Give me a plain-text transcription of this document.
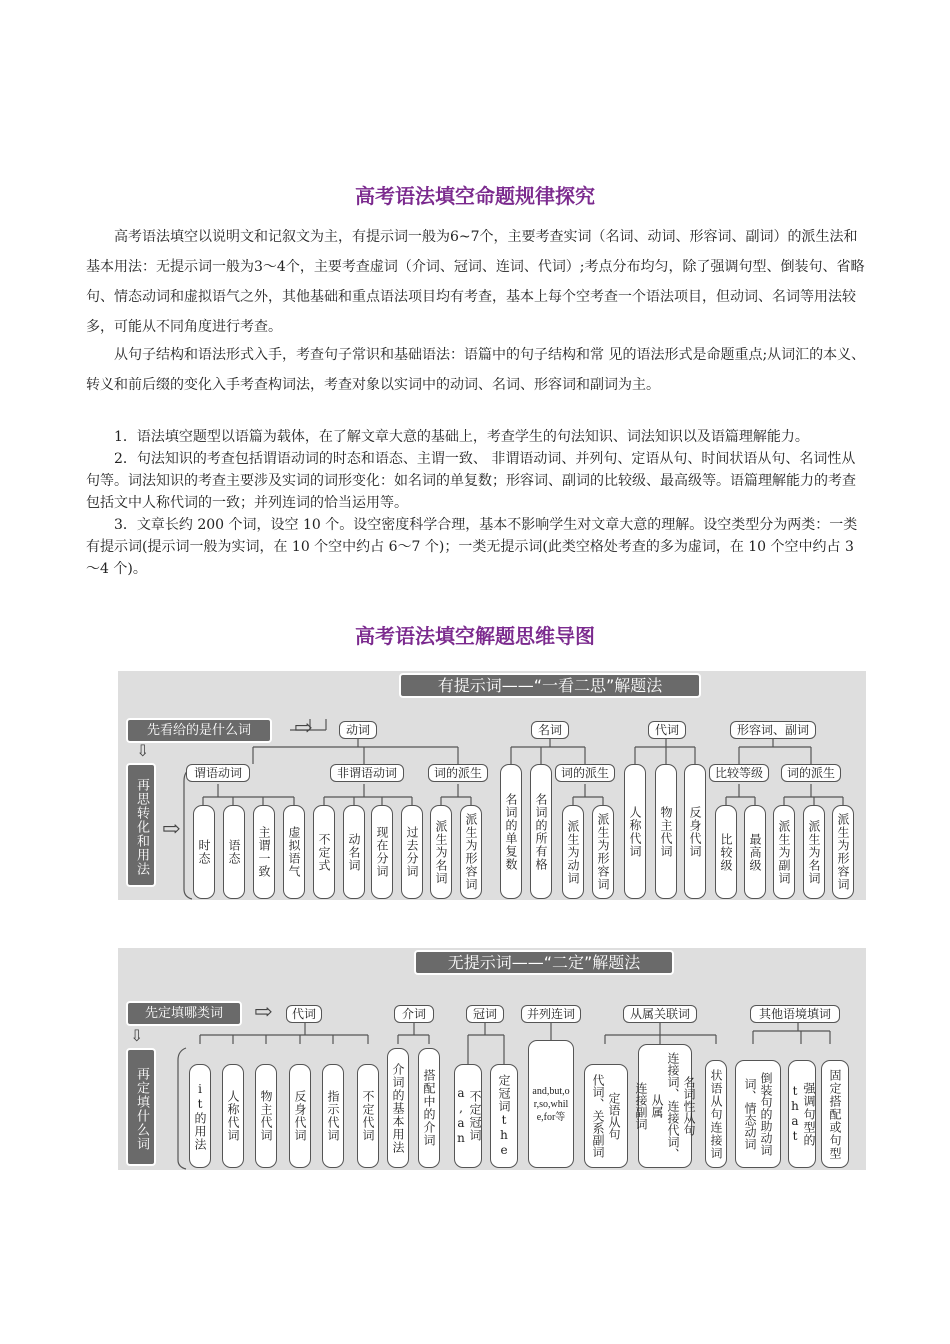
高考语法填空命题规律探究

高考语法填空以说明文和记叙文为主，有提示词一般为6~7个，主要考查实词（名词、动词、形容词、副词）的派生法和基本用法：无提示词一般为3～4个，主要考查虚词（介词、冠词、连词、代词）;考点分布均匀，除了强调句型、倒装句、省略句、情态动词和虚拟语气之外，其他基础和重点语法项目均有考查，基本上每个空考查一个语法项目，但动词、名词等用法较多，可能从不同角度进行考查。

从句子结构和语法形式入手，考查句子常识和基础语法：语篇中的句子结构和常 见的语法形式是命题重点;从词汇的本义、转义和前后缀的变化入手考查构词法，考查对象以实词中的动词、名词、形容词和副词为主。

1．语法填空题型以语篇为载体，在了解文章大意的基础上，考查学生的句法知识、词法知识以及语篇理解能力。

2．句法知识的考查包括谓语动词的时态和语态、主谓一致、 非谓语动词、并列句、定语从句、时间状语从句、名词性从句等。词法知识的考查主要涉及实词的词形变化：如名词的单复数；形容词、副词的比较级、最高级等。语篇理解能力的考查包括文中人称代词的一致；并列连词的恰当运用等。

3．文章长约 200 个词，设空 10 个。设空密度科学合理，基本不影响学生对文章大意的理解。设空类型分为两类：一类有提示词(提示词一般为实词，在 10 个空中约占 6～7 个)；一类无提示词(此类空格处考查的多为虚词，在 10 个空中约占 3～4 个)。

高考语法填空解题思维导图
有提示词——“一看二思”解题法
先看给的是什么词	⇨
⇩
再思转化和用法 ⇨
动词	名词	代词	形容词、副词
谓语动词	非谓语动词	词的派生	词的派生	比较等级	词的派生
时态 语态 主谓一致 虚拟语气 不定式 动名词 现在分词 过去分词 派生为名词 派生为形容词 名词的单复数 名词的所有格 派生为动词 派生为形容词 人称代词 物主代词 反身代词 比较级 最高级 派生为副词 派生为名词 派生为形容词
无提示词——“二定”解题法
先定填哪类词	⇨
⇩
再定填什么词
代词	介词	冠词	并列连词	从属关联词	其他语境填词
it的用法 人称代词 物主代词 反身代词 指示代词 不定代词 介词的基本用法 搭配中的介词	不定冠词a,an	定冠词the and,but,or,so,while,for等	定语从句
代词、关系副词	名词性从句
连接词、连接代词、从属
连接副词	状语从句连接词	倒装句的助动词
词、情态动词	强调句型的that	固定搭配或句型
